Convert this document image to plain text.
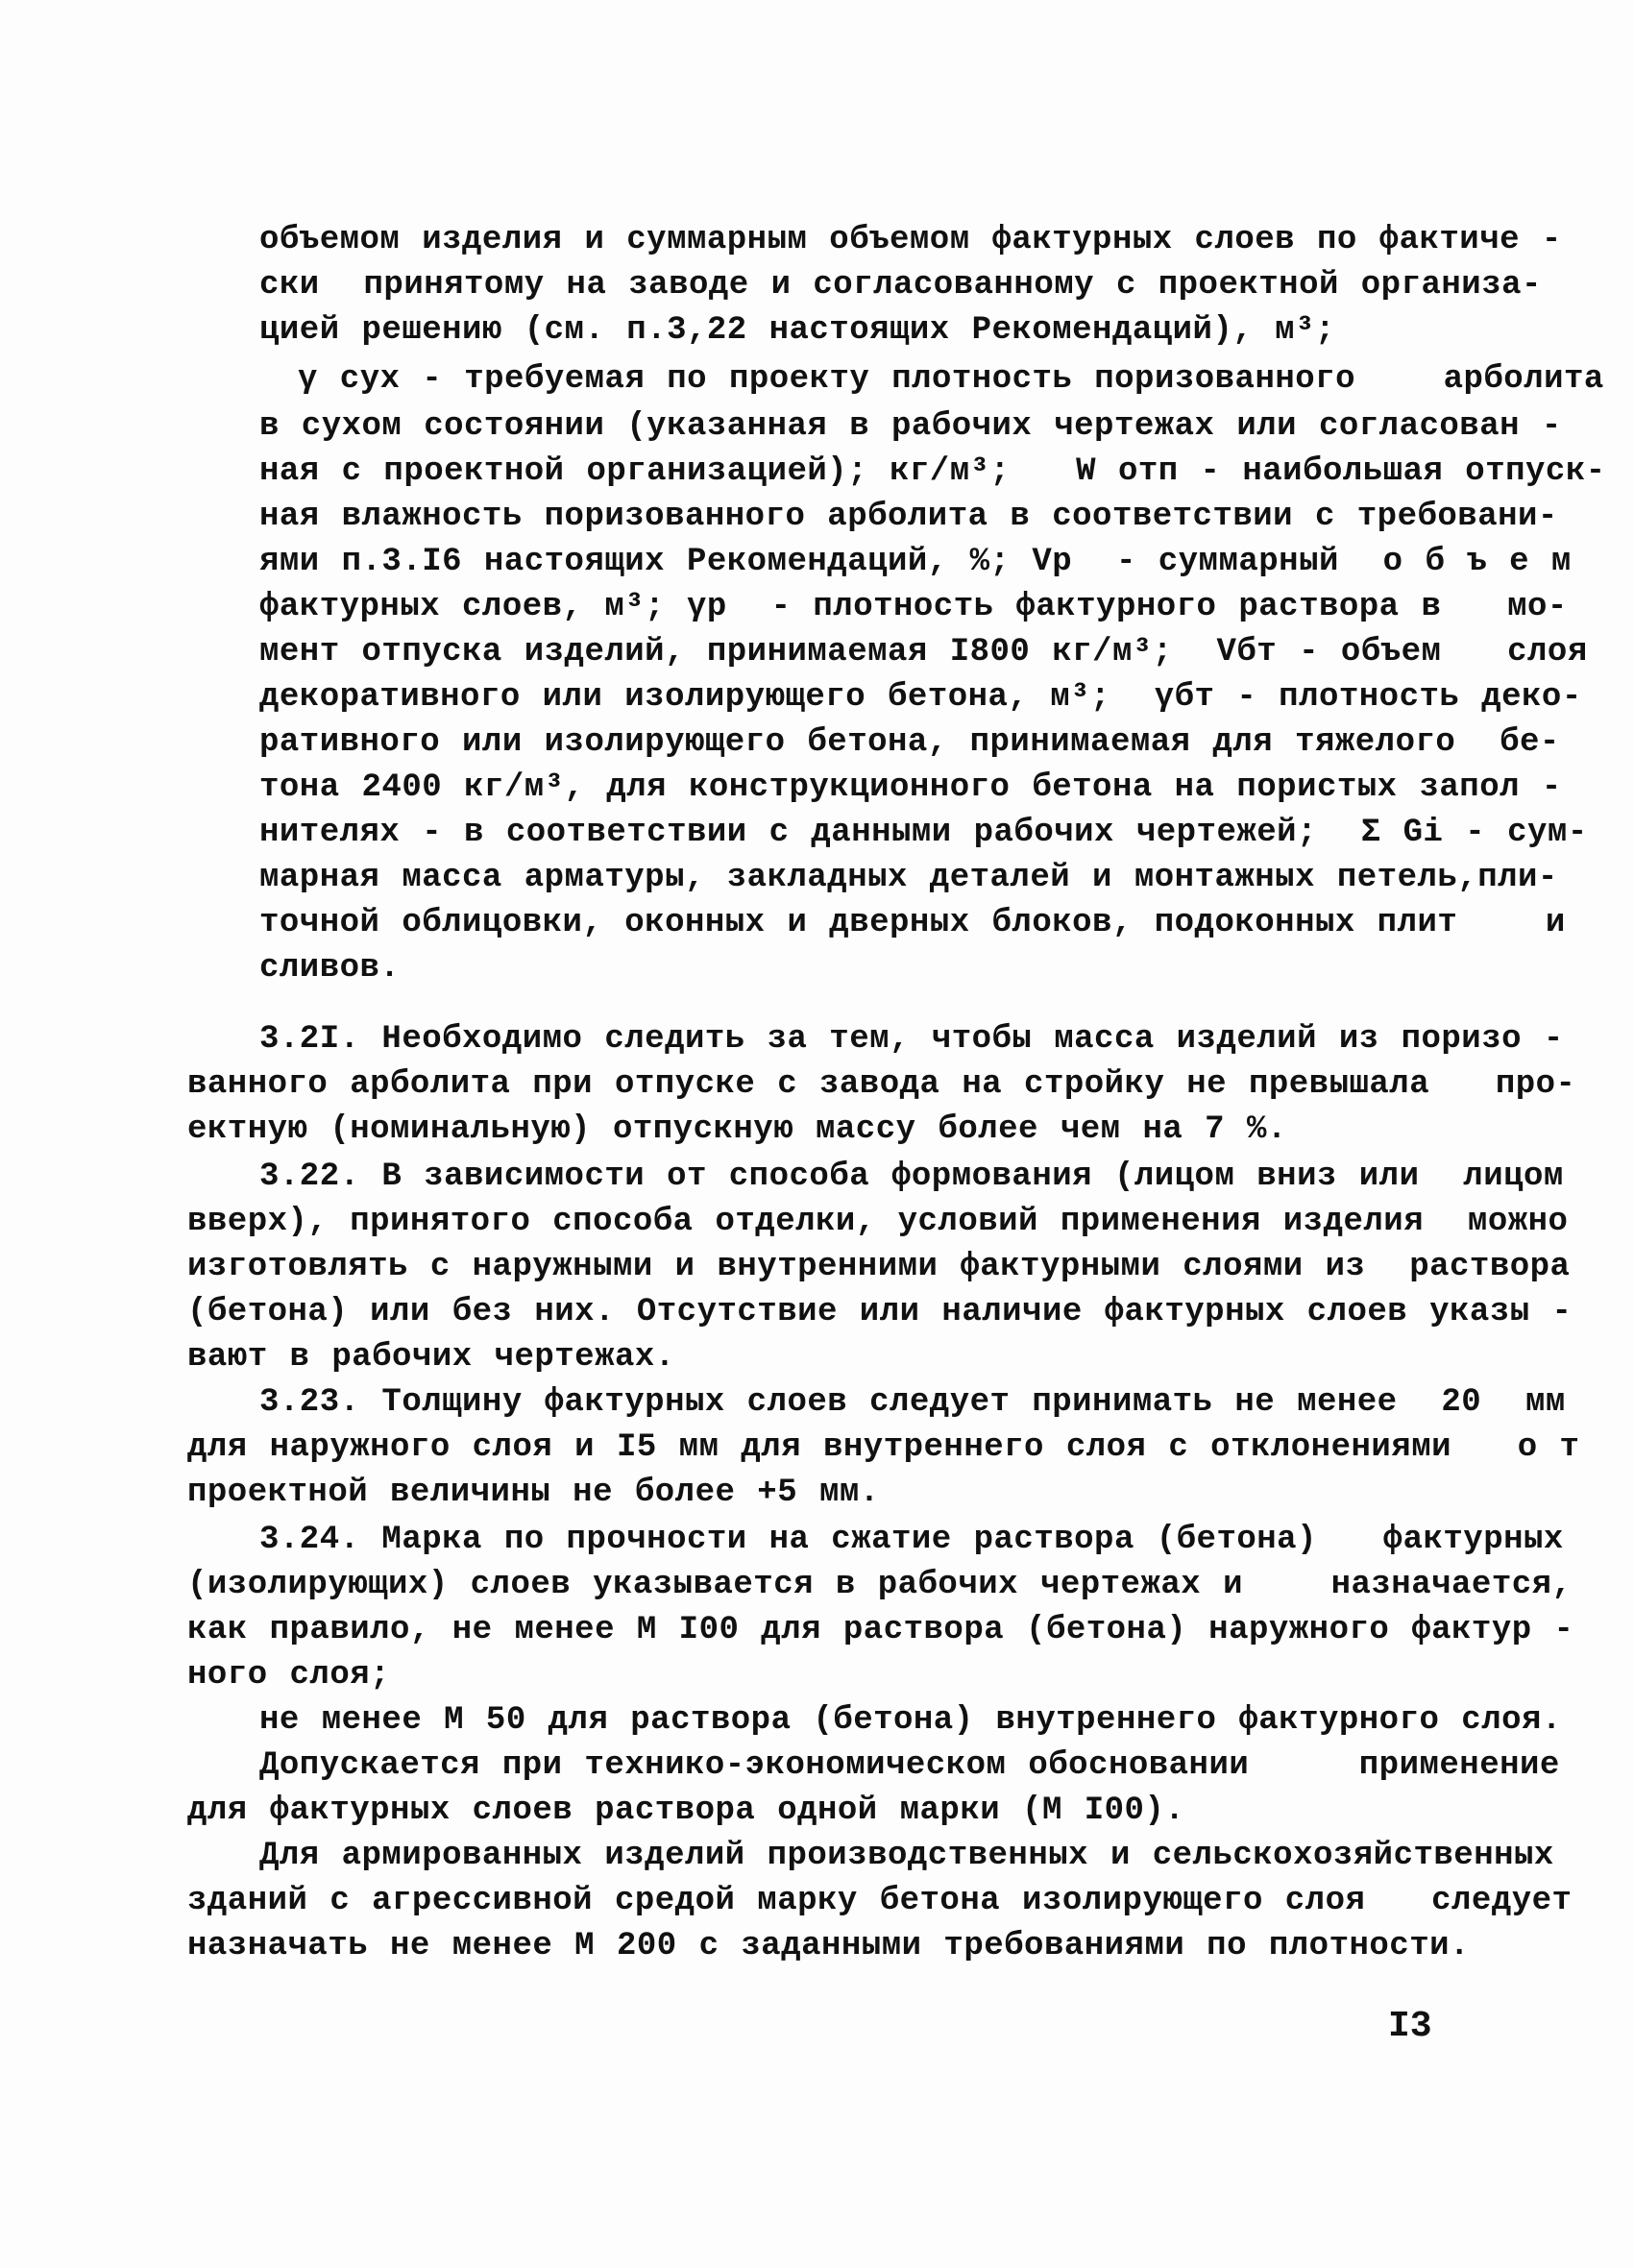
объемом изделия и суммарным объемом фактурных слоев по фактиче -
ски  принятому на заводе и согласованному с проектной организа-
цией решению (см. п.3,22 настоящих Рекомендаций), м³;
γ сух - требуемая по проекту плотность поризованного    арболита
в сухом состоянии (указанная в рабочих чертежах или согласован -
ная с проектной организацией); кг/м³;   W отп - наибольшая отпуск-
ная влажность поризованного арболита в соответствии с требовани-
ями п.3.I6 настоящих Рекомендаций, %; Vр  - суммарный  о б ъ е м
фактурных слоев, м³; γр  - плотность фактурного раствора в   мо-
мент отпуска изделий, принимаемая I800 кг/м³;  Vбт - объем   слоя
декоративного или изолирующего бетона, м³;  γбт - плотность деко-
ративного или изолирующего бетона, принимаемая для тяжелого  бе-
тона 2400 кг/м³, для конструкционного бетона на пористых запол -
нителях - в соответствии с данными рабочих чертежей;  Σ Gi - сум-
марная масса арматуры, закладных деталей и монтажных петель,пли-
точной облицовки, оконных и дверных блоков, подоконных плит    и
сливов.
3.2I. Необходимо следить за тем, чтобы масса изделий из поризо -
ванного арболита при отпуске с завода на стройку не превышала   про-
ектную (номинальную) отпускную массу более чем на 7 %.
3.22. В зависимости от способа формования (лицом вниз или  лицом
вверх), принятого способа отделки, условий применения изделия  можно
изготовлять с наружными и внутренними фактурными слоями из  раствора
(бетона) или без них. Отсутствие или наличие фактурных слоев указы -
вают в рабочих чертежах.
3.23. Толщину фактурных слоев следует принимать не менее  20  мм
для наружного слоя и I5 мм для внутреннего слоя с отклонениями   о т
проектной величины не более +5 мм.
3.24. Марка по прочности на сжатие раствора (бетона)   фактурных
(изолирующих) слоев указывается в рабочих чертежах и    назначается,
как правило, не менее М I00 для раствора (бетона) наружного фактур -
ного слоя;
не менее М 50 для раствора (бетона) внутреннего фактурного слоя.
Допускается при технико-экономическом обосновании     применение
для фактурных слоев раствора одной марки (М I00).
Для армированных изделий производственных и сельскохозяйственных
зданий с агрессивной средой марку бетона изолирующего слоя   следует
назначать не менее М 200 с заданными требованиями по плотности.
I3
